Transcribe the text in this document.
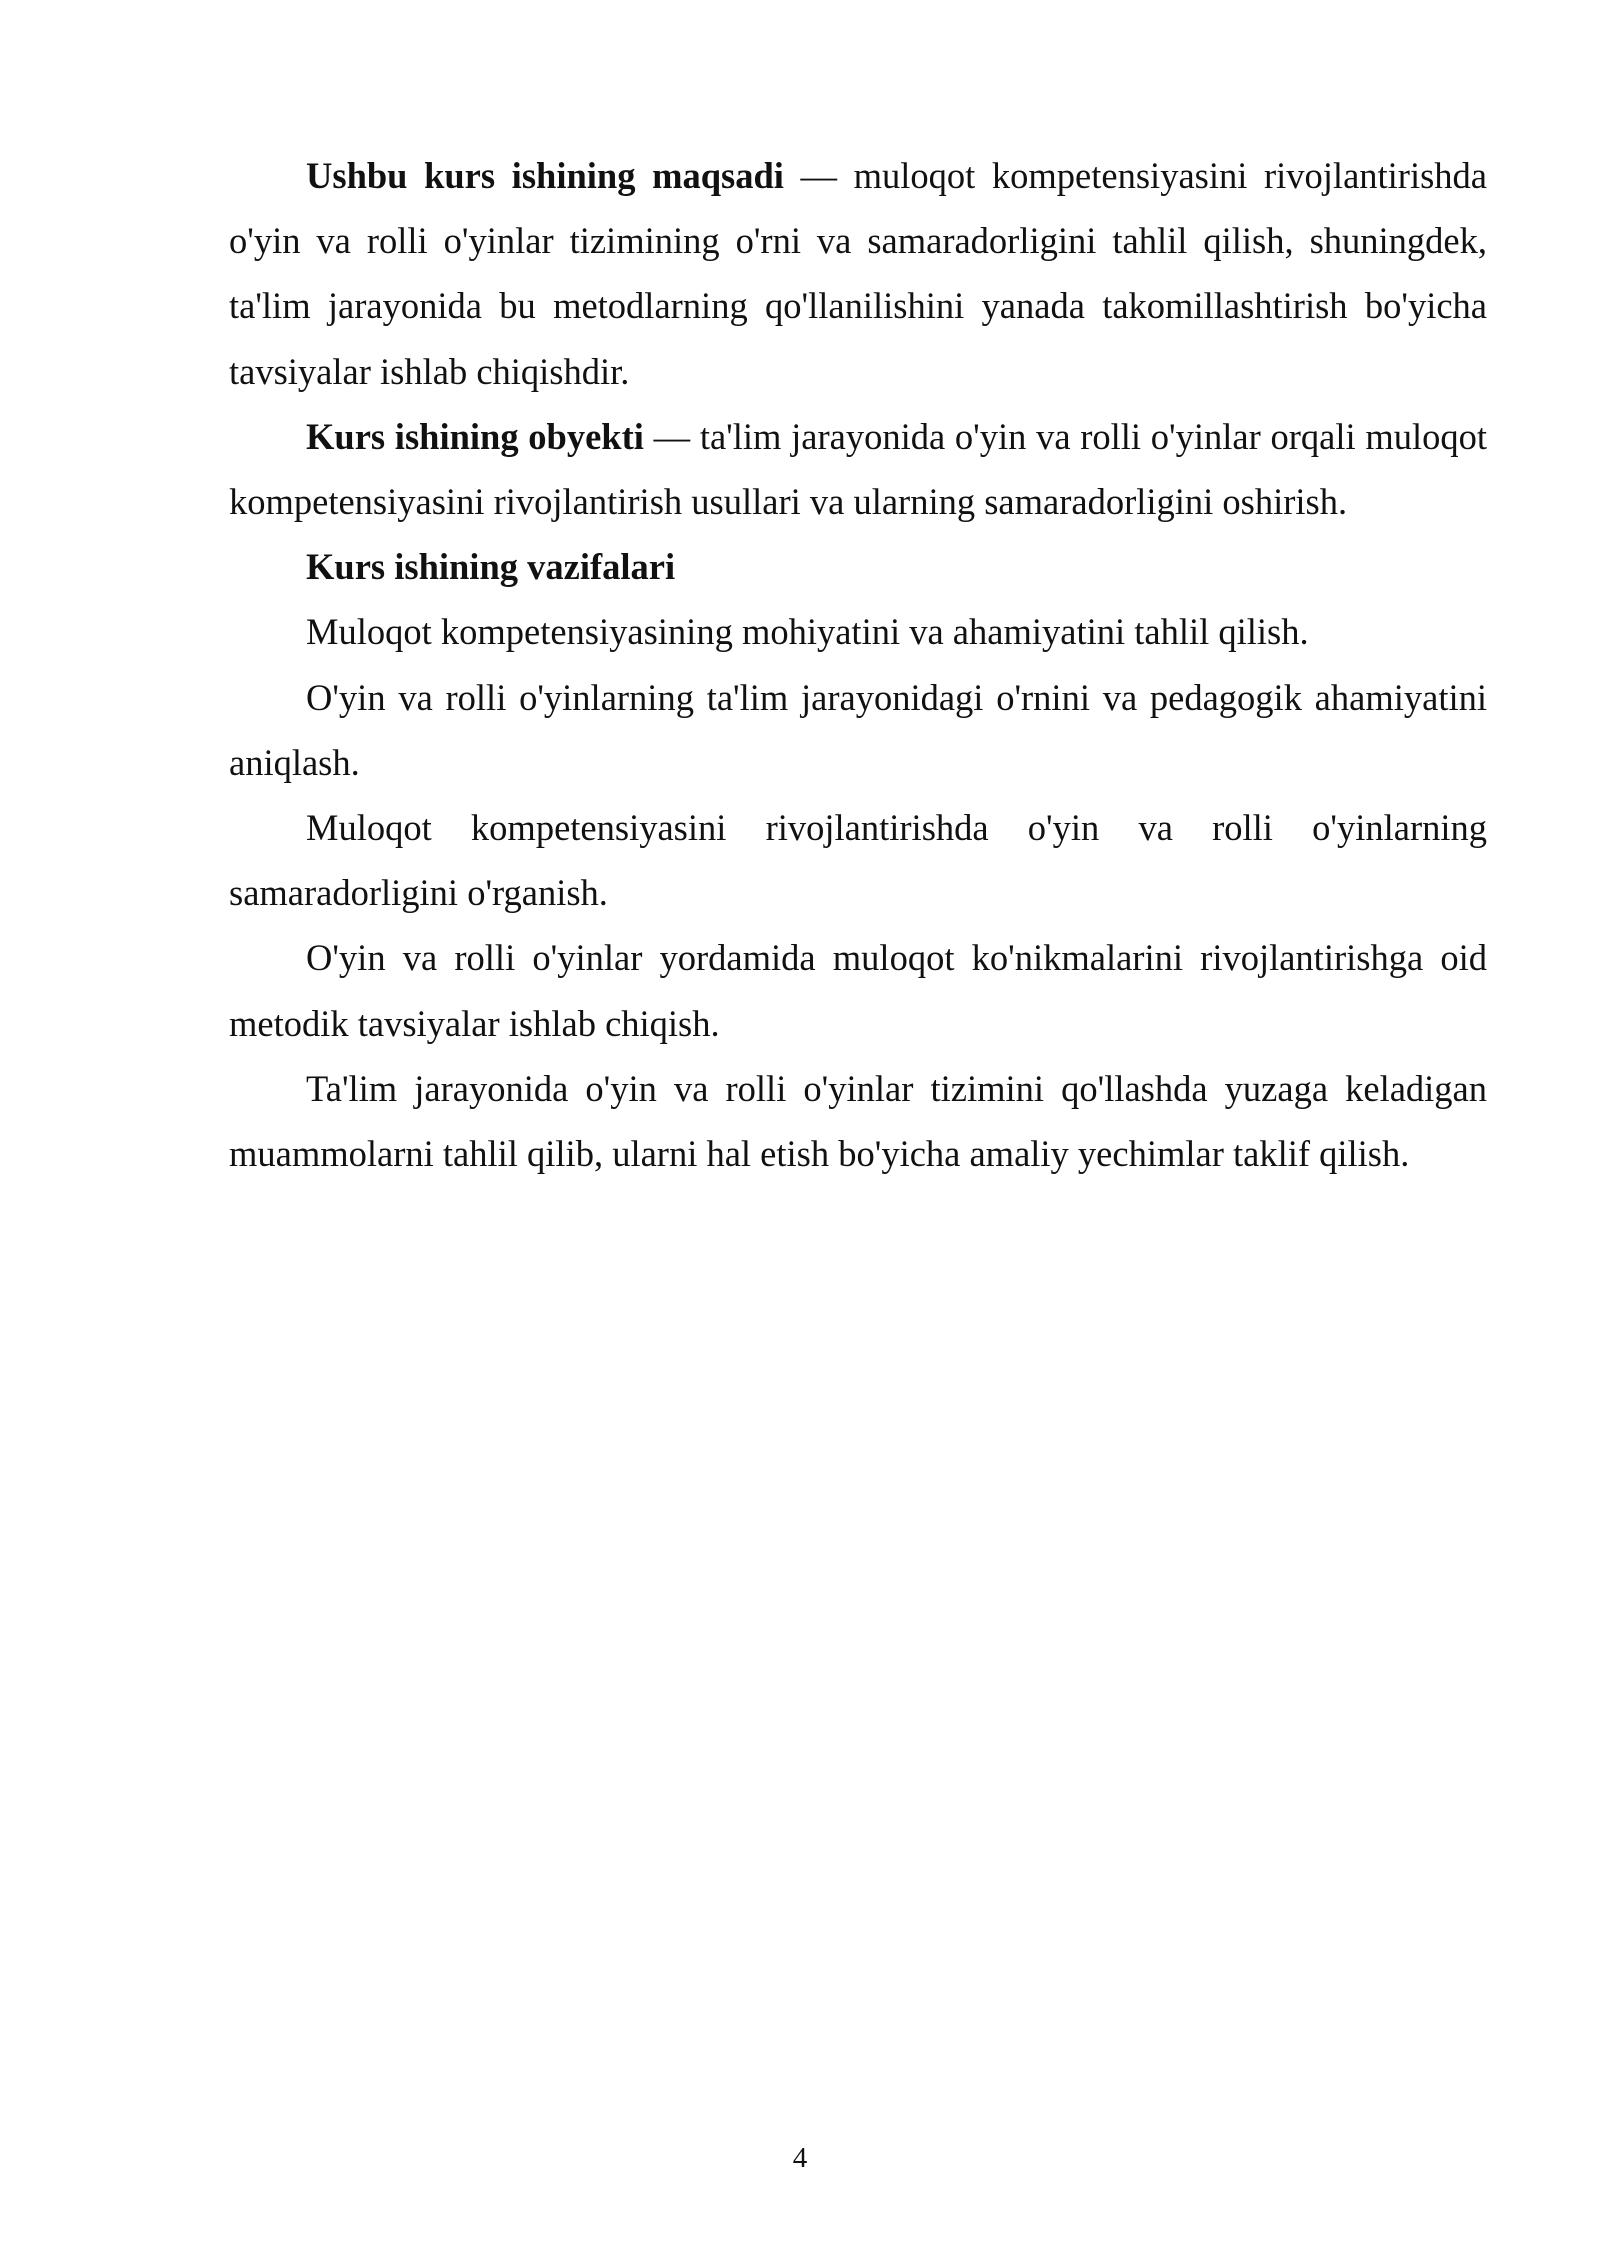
Ushbu kurs ishining maqsadi — muloqot kompetensiyasini rivojlantirishda o'yin va rolli o'yinlar tizimining o'rni va samaradorligini tahlil qilish, shuningdek, ta'lim jarayonida bu metodlarning qo'llanilishini yanada takomillashtirish bo'yicha tavsiyalar ishlab chiqishdir.

Kurs ishining obyekti — ta'lim jarayonida o'yin va rolli o'yinlar orqali muloqot kompetensiyasini rivojlantirish usullari va ularning samaradorligini oshirish.

Kurs ishining vazifalari

Muloqot kompetensiyasining mohiyatini va ahamiyatini tahlil qilish.

O'yin va rolli o'yinlarning ta'lim jarayonidagi o'rnini va pedagogik ahamiyatini aniqlash.

Muloqot kompetensiyasini rivojlantirishda o'yin va rolli o'yinlarning samaradorligini o'rganish.

O'yin va rolli o'yinlar yordamida muloqot ko'nikmalarini rivojlantirishga oid metodik tavsiyalar ishlab chiqish.

Ta'lim jarayonida o'yin va rolli o'yinlar tizimini qo'llashda yuzaga keladigan muammolarni tahlil qilib, ularni hal etish bo'yicha amaliy yechimlar taklif qilish.

4
